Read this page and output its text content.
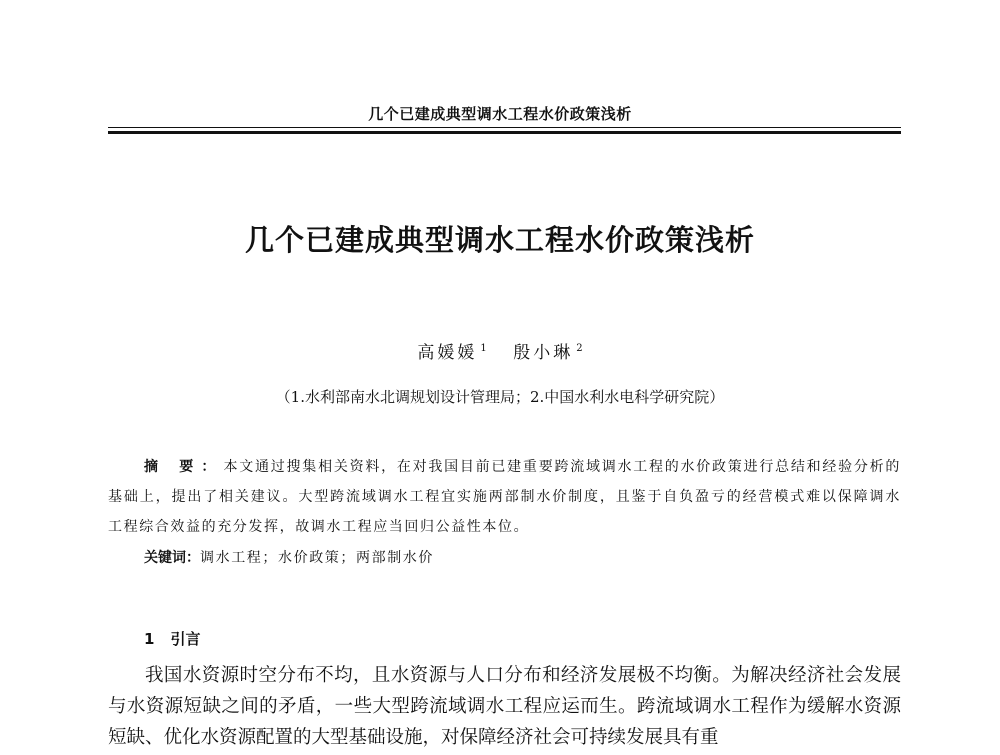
几个已建成典型调水工程水价政策浅析
几个已建成典型调水工程水价政策浅析
高媛媛 $^1$ 殷小琳 $^2$
（1.水利部南水北调规划设计管理局；2.中国水利水电科学研究院）
摘 要：本文通过搜集相关资料，在对我国目前已建重要跨流域调水工程的水价政策进行总结和经验分析的基础上，提出了相关建议。大型跨流域调水工程宜实施两部制水价制度，且鉴于自负盈亏的经营模式难以保障调水工程综合效益的充分发挥，故调水工程应当回归公益性本位。
关键词：调水工程；水价政策；两部制水价
1 引言
我国水资源时空分布不均，且水资源与人口分布和经济发展极不均衡。为解决经济社会发展与水资源短缺之间的矛盾，一些大型跨流域调水工程应运而生。跨流域调水工程作为缓解水资源短缺、优化水资源配置的大型基础设施，对保障经济社会可持续发展具有重
